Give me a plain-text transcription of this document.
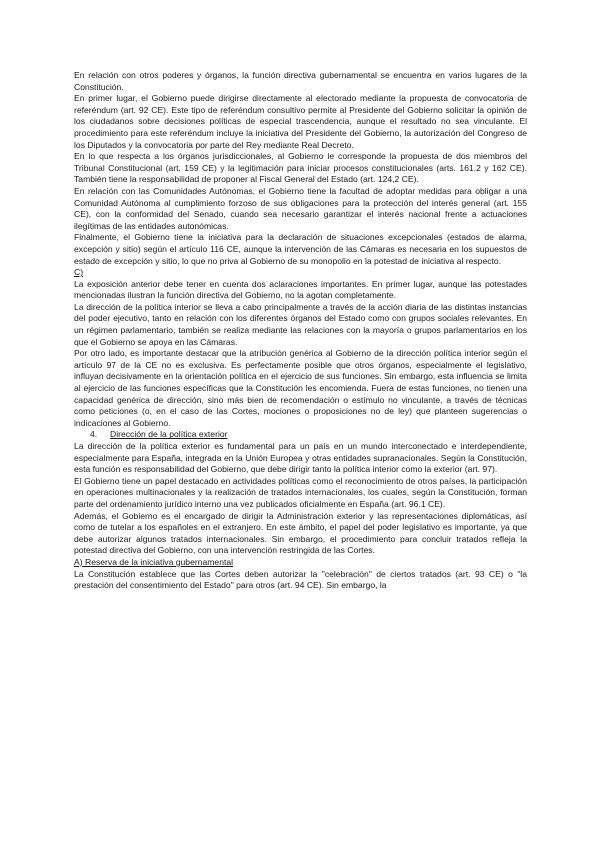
En relación con otros poderes y órganos, la función directiva gubernamental se encuentra en varios lugares de la Constitución.

En primer lugar, el Gobierno puede dirigirse directamente al electorado mediante la propuesta de convocatoria de referéndum (art. 92 CE). Este tipo de referéndum consultivo permite al Presidente del Gobierno solicitar la opinión de los ciudadanos sobre decisiones políticas de especial trascendencia, aunque el resultado no sea vinculante. El procedimiento para este referéndum incluye la iniciativa del Presidente del Gobierno, la autorización del Congreso de los Diputados y la convocatoria por parte del Rey mediante Real Decreto.

En lo que respecta a los órganos jurisdiccionales, al Gobierno le corresponde la propuesta de dos miembros del Tribunal Constitucional (art. 159 CE) y la legitimación para iniciar procesos constitucionales (arts. 161.2 y 162 CE). También tiene la responsabilidad de proponer al Fiscal General del Estado (art. 124,2 CE).

En relación con las Comunidades Autónomas, el Gobierno tiene la facultad de adoptar medidas para obligar a una Comunidad Autónoma al cumplimiento forzoso de sus obligaciones para la protección del interés general (art. 155 CE), con la conformidad del Senado, cuando sea necesario garantizar el interés nacional frente a actuaciones ilegítimas de las entidades autonómicas.

Finalmente, el Gobierno tiene la iniciativa para la declaración de situaciones excepcionales (estados de alarma, excepción y sitio) según el artículo 116 CE, aunque la intervención de las Cámaras es necesaria en los supuestos de estado de excepción y sitio, lo que no priva al Gobierno de su monopolio en la potestad de iniciativa al respecto.

C)

La exposición anterior debe tener en cuenta dos aclaraciones importantes. En primer lugar, aunque las potestades mencionadas ilustran la función directiva del Gobierno, no la agotan completamente.

La dirección de la política interior se lleva a cabo principalmente a través de la acción diaria de las distintas instancias del poder ejecutivo, tanto en relación con los diferentes órganos del Estado como con grupos sociales relevantes. En un régimen parlamentario, también se realiza mediante las relaciones con la mayoría o grupos parlamentarios en los que el Gobierno se apoya en las Cámaras.

Por otro lado, es importante destacar que la atribución genérica al Gobierno de la dirección política interior según el artículo 97 de la CE no es exclusiva. Es perfectamente posible que otros órganos, especialmente el legislativo, influyan decisivamente en la orientación política en el ejercicio de sus funciones. Sin embargo, esta influencia se limita al ejercicio de las funciones específicas que la Constitución les encomienda. Fuera de estas funciones, no tienen una capacidad genérica de dirección, sino más bien de recomendación o estímulo no vinculante, a través de técnicas como peticiones (o, en el caso de las Cortes, mociones o proposiciones no de ley) que planteen sugerencias o indicaciones al Gobierno.

4. Dirección de la política exterior

La dirección de la política exterior es fundamental para un país en un mundo interconectado e interdependiente, especialmente para España, integrada en la Unión Europea y otras entidades supranacionales. Según la Constitución, esta función es responsabilidad del Gobierno, que debe dirigir tanto la política interior como la exterior (art. 97).

El Gobierno tiene un papel destacado en actividades políticas como el reconocimiento de otros países, la participación en operaciones multinacionales y la realización de tratados internacionales, los cuales, según la Constitución, forman parte del ordenamiento jurídico interno una vez publicados oficialmente en España (art. 96.1 CE).

Además, el Gobierno es el encargado de dirigir la Administración exterior y las representaciones diplomáticas, así como de tutelar a los españoles en el extranjero. En este ámbito, el papel del poder legislativo es importante, ya que debe autorizar algunos tratados internacionales. Sin embargo, el procedimiento para concluir tratados refleja la potestad directiva del Gobierno, con una intervención restringida de las Cortes.

A) Reserva de la iniciativa gubernamental

La Constitución establece que las Cortes deben autorizar la "celebración" de ciertos tratados (art. 93 CE) o "la prestación del consentimiento del Estado" para otros (art. 94 CE). Sin embargo, la
